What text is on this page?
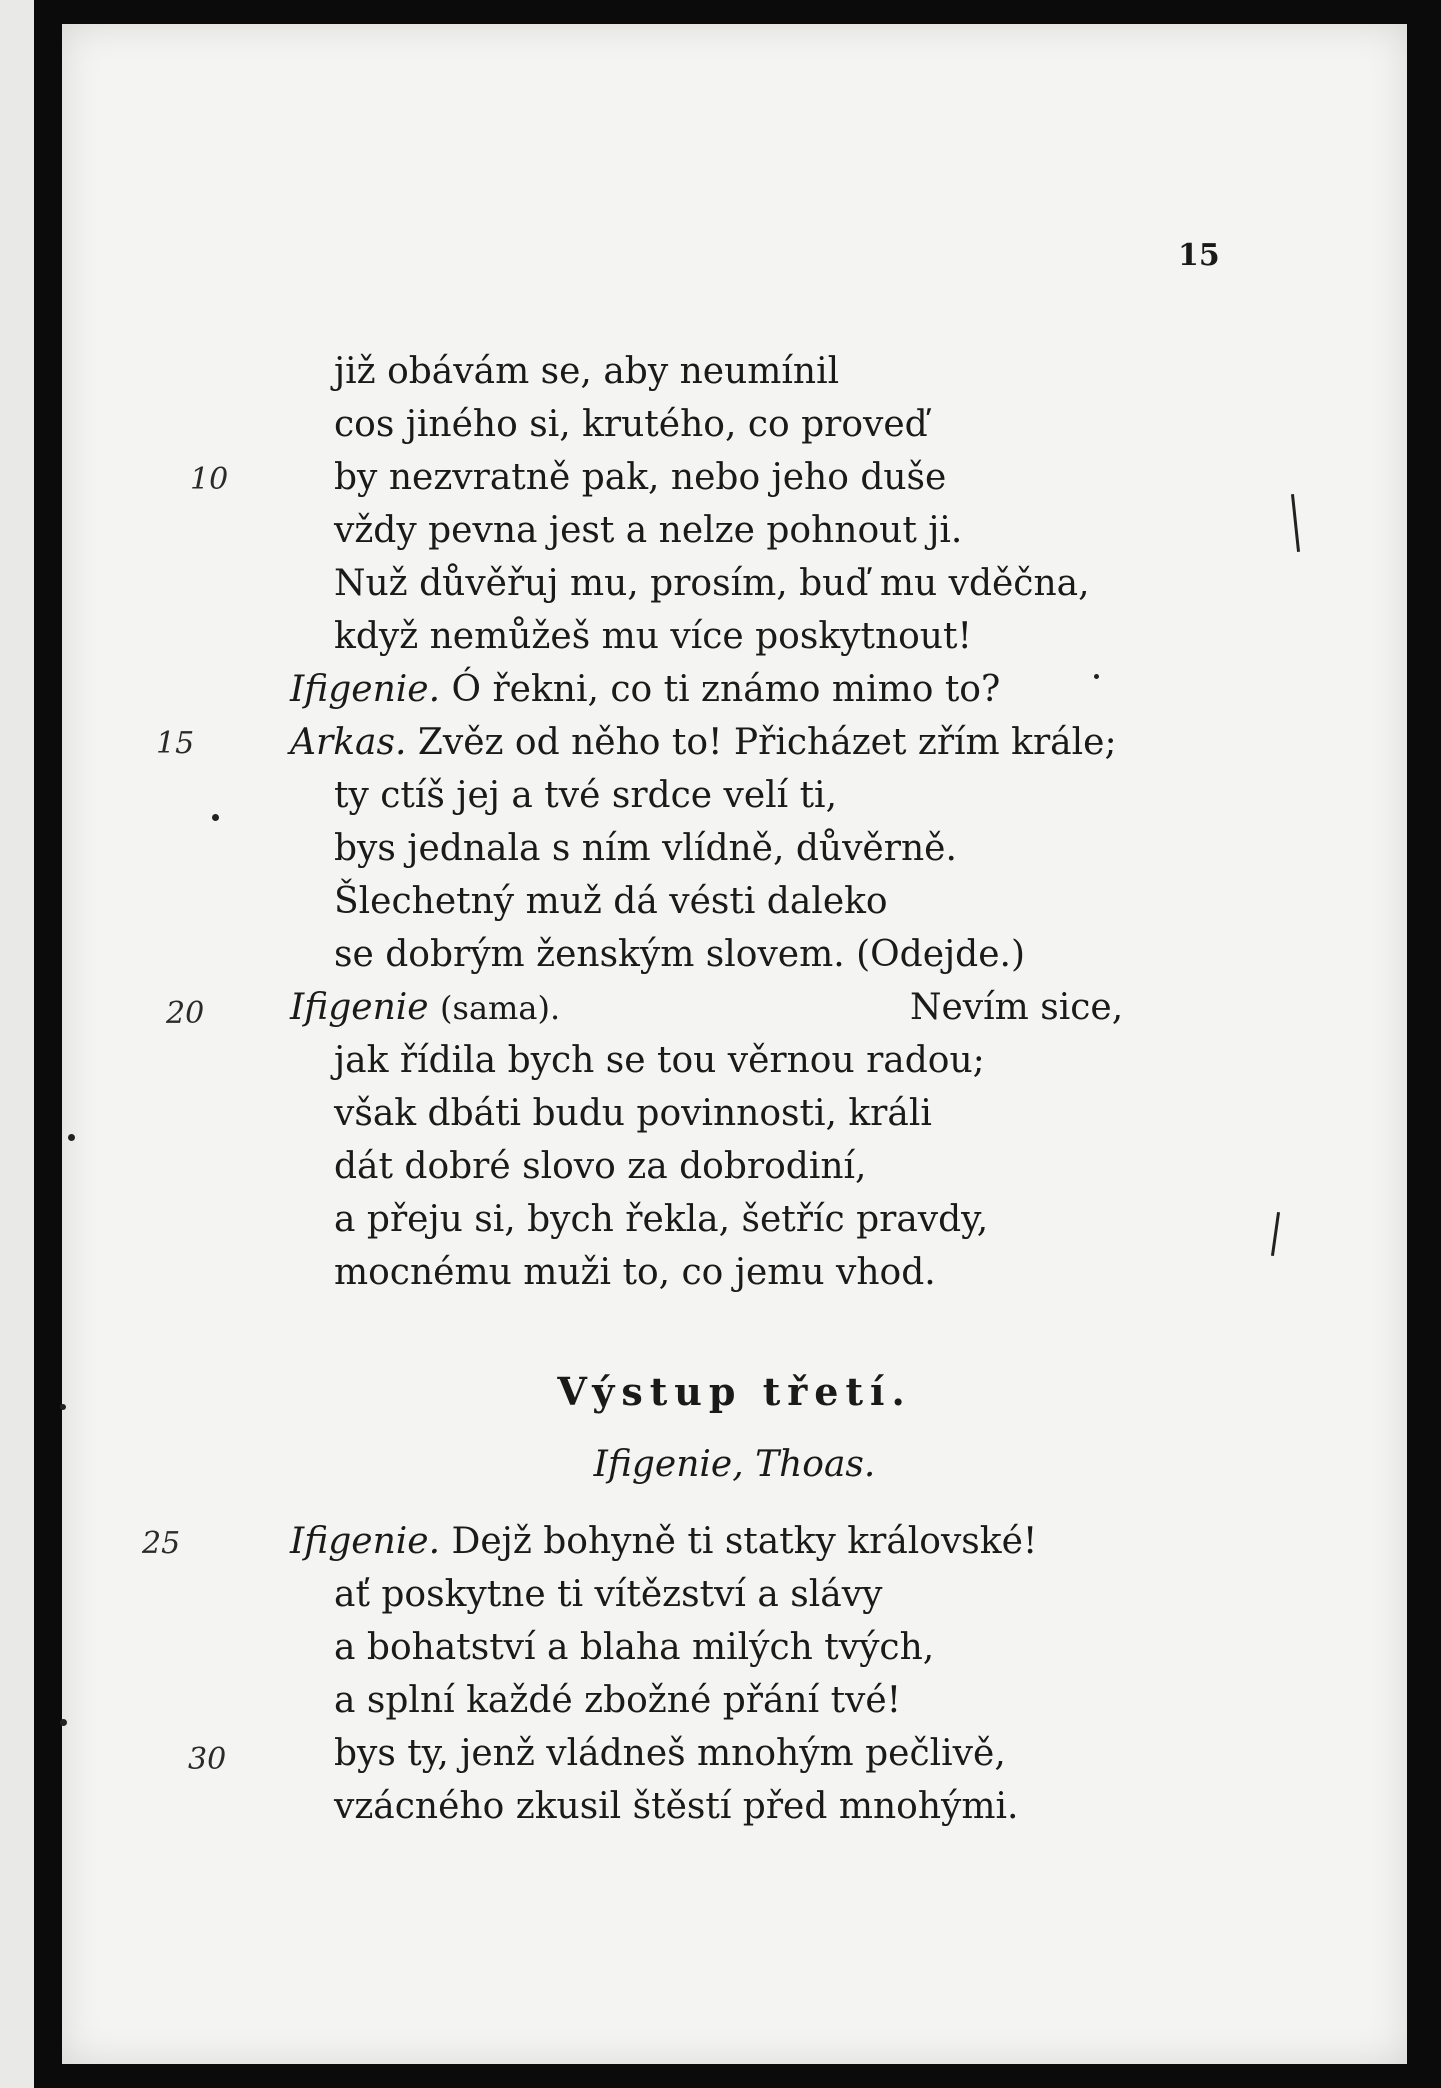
15
již obávám se, aby neumínil
cos jiného si, krutého, co proveď
by nezvratně pak, nebo jeho duše
vždy pevna jest a nelze pohnout ji.
Nuž důvěřuj mu, prosím, buď mu vděčna,
když nemůžeš mu více poskytnout!
Ifigenie. Ó řekni, co ti známo mimo to?
Arkas. Zvěz od něho to! Přicházet zřím krále;
ty ctíš jej a tvé srdce velí ti,
bys jednala s ním vlídně, důvěrně.
Šlechetný muž dá vésti daleko
se dobrým ženským slovem. (Odejde.)
Ifigenie (sama).	Nevím sice,
jak řídila bych se tou věrnou radou;
však dbáti budu povinnosti, králi
dát dobré slovo za dobrodiní,
a přeju si, bych řekla, šetříc pravdy,
mocnému muži to, co jemu vhod.
Výstup třetí.
Ifigenie, Thoas.
Ifigenie. Dejž bohyně ti statky královské!
ať poskytne ti vítězství a slávy
a bohatství a blaha milých tvých,
a splní každé zbožné přání tvé!
bys ty, jenž vládneš mnohým pečlivě,
vzácného zkusil štěstí před mnohými.
10
15
20
25
30
